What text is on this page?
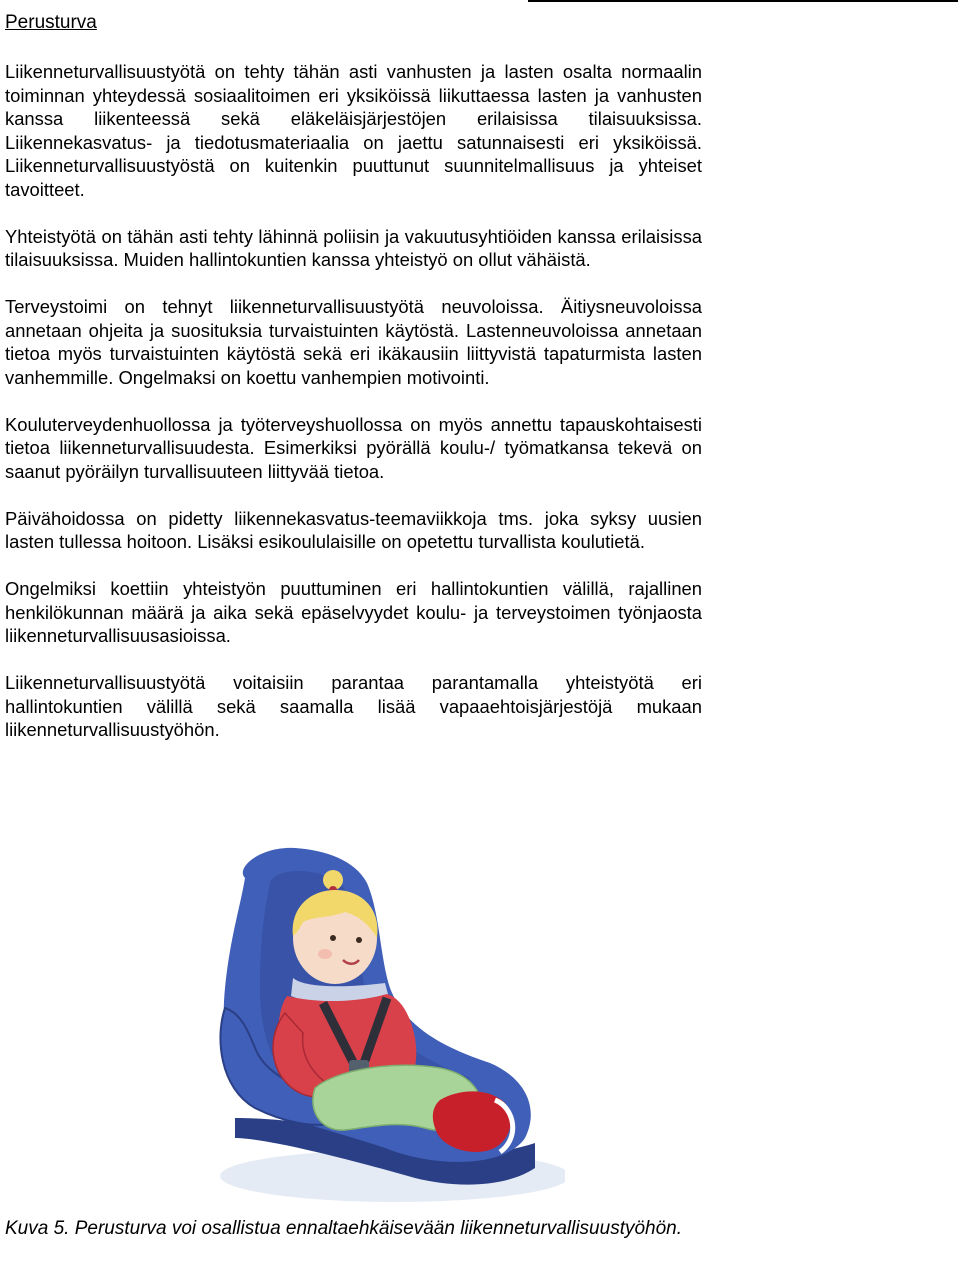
Perusturva

Liikenneturvallisuustyötä on tehty tähän asti vanhusten ja lasten osalta normaalin toiminnan yhteydessä sosiaalitoimen eri yksiköissä liikuttaessa lasten ja vanhusten kanssa liikenteessä sekä eläkeläisjärjestöjen erilaisissa tilaisuuksissa. Liikennekasvatus- ja tiedotusmateriaalia on jaettu satunnaisesti eri yksiköissä. Liikenneturvallisuustyöstä on kuitenkin puuttunut suunnitelmallisuus ja yhteiset tavoitteet.

Yhteistyötä on tähän asti tehty lähinnä poliisin ja vakuutusyhtiöiden kanssa erilaisissa tilaisuuksissa. Muiden hallintokuntien kanssa yhteistyö on ollut vähäistä.

Terveystoimi on tehnyt liikenneturvallisuustyötä neuvoloissa. Äitiysneuvoloissa annetaan ohjeita ja suosituksia turvaistuinten käytöstä. Lastenneuvoloissa annetaan tietoa myös turvaistuinten käytöstä sekä eri ikäkausiin liittyvistä tapaturmista lasten vanhemmille. Ongelmaksi on koettu vanhempien motivointi.

Kouluterveydenhuollossa ja työterveyshuollossa on myös annettu tapauskohtaisesti tietoa liikenneturvallisuudesta. Esimerkiksi pyörällä koulu-/ työmatkansa tekevä on saanut pyöräilyn turvallisuuteen liittyvää tietoa.

Päivähoidossa on pidetty liikennekasvatus-teemaviikkoja tms. joka syksy uusien lasten tullessa hoitoon. Lisäksi esikoululaisille on opetettu turvallista koulutietä.

Ongelmiksi koettiin yhteistyön puuttuminen eri hallintokuntien välillä, rajallinen henkilökunnan määrä ja aika sekä epäselvyydet koulu- ja terveystoimen työnjaosta liikenneturvallisuusasioissa.

Liikenneturvallisuustyötä voitaisiin parantaa parantamalla yhteistyötä eri hallintokuntien välillä sekä saamalla lisää vapaaehtoisjärjestöjä mukaan liikenneturvallisuustyöhön.

Kuva 5. Perusturva voi osallistua ennaltaehkäisevään liikenneturvallisuustyöhön.
